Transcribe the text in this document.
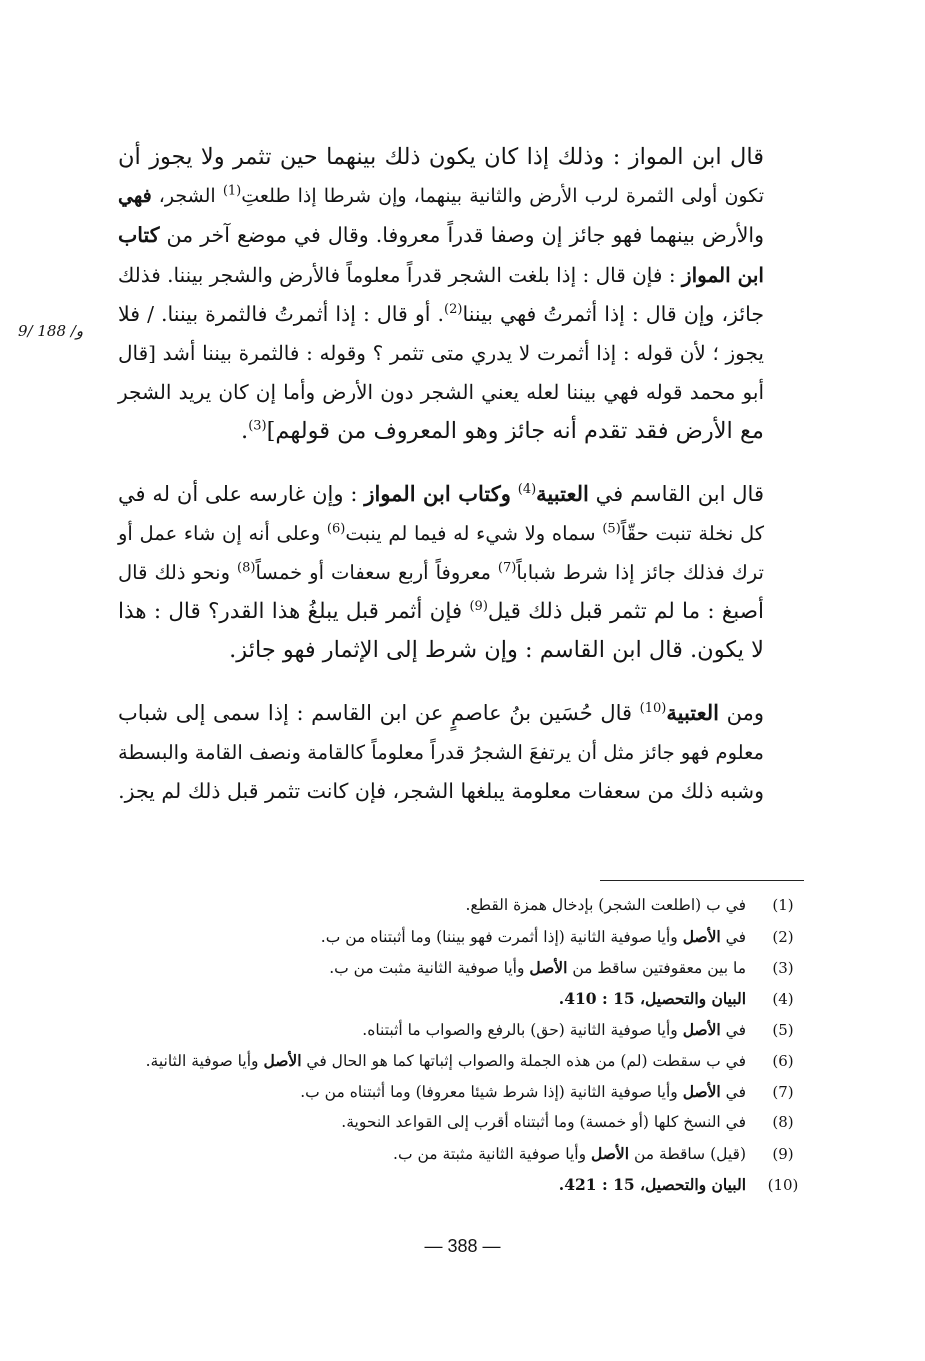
قال ابن المواز : وذلك إذا كان يكون ذلك بينهما حين تثمر ولا يجوز أن
تكون أولى الثمرة لرب الأرض والثانية بينهما، وإن شرطا إذا طلعتِ$^{(1)}$ الشجر، فهي
والأرض بينهما فهو جائز إن وصفا قدراً معروفا. وقال في موضع آخر من كتاب
ابن المواز : فإن قال : إذا بلغت الشجر قدراً معلوماً فالأرض والشجر بيننا. فذلك
جائز، وإن قال : إذا أثمرتُ فهي بيننا$^{(2)}$. أو قال : إذا أثمرتُ فالثمرة بيننا. / فلا
يجوز ؛ لأن قوله : إذا أثمرت لا يدري متى تثمر ؟ وقوله : فالثمرة بيننا أشد [قال
أبو محمد قوله فهي بيننا لعله يعني الشجر دون الأرض وأما إن كان يريد الشجر
مع الأرض فقد تقدم أنه جائز وهو المعروف من قولهم]$^{(3)}$.
قال ابن القاسم في العتبية$^{(4)}$ وكتاب ابن المواز : وإن غارسه على أن له في
كل نخلة تنبت حقّاً$^{(5)}$ سماه ولا شيء له فيما لم ينبت$^{(6)}$ وعلى أنه إن شاء عمل أو
ترك فذلك جائز إذا شرط شباباً$^{(7)}$ معروفاً أربع سعفات أو خمساً$^{(8)}$ ونحو ذلك قال
أصبغ : ما لم تثمر قبل ذلك قيل$^{(9)}$ فإن أثمر قبل يبلغُ هذا القدر؟ قال : هذا
لا يكون. قال ابن القاسم : وإن شرط إلى الإثمار فهو جائز.
ومن العتبية$^{(10)}$ قال حُسَين بنُ عاصمٍ عن ابن القاسم : إذا سمى إلى شباب
معلوم فهو جائز مثل أن يرتفعَ الشجرُ قدراً معلوماً كالقامة ونصف القامة والبسطة
وشبه ذلك من سعفات معلومة يبلغها الشجر، فإن كانت تثمر قبل ذلك لم يجز.
و/ 188 /9
(1)
في ب (اطلعت الشجر) بإدخال همزة القطع.
(2)
في الأصل وأيا صوفية الثانية (إذا أثمرت فهو بيننا) وما أثبتناه من ب.
(3)
ما بين معقوفتين ساقط من الأصل وأيا صوفية الثانية مثبت من ب.
(4)
البيان والتحصيل، 15 : 410.
(5)
في الأصل وأيا صوفية الثانية (حق) بالرفع والصواب ما أثبتناه.
(6)
في ب سقطت (لم) من هذه الجملة والصواب إثباتها كما هو الحال في الأصل وأيا صوفية الثانية.
(7)
في الأصل وأيا صوفية الثانية (إذا شرط شيئا معروفا) وما أثبتناه من ب.
(8)
في النسخ كلها (أو خمسة) وما أثبتناه أقرب إلى القواعد النحوية.
(9)
(قيل) ساقطة من الأصل وأيا صوفية الثانية مثبتة من ب.
(10)
البيان والتحصيل، 15 : 421.
— 388 —
